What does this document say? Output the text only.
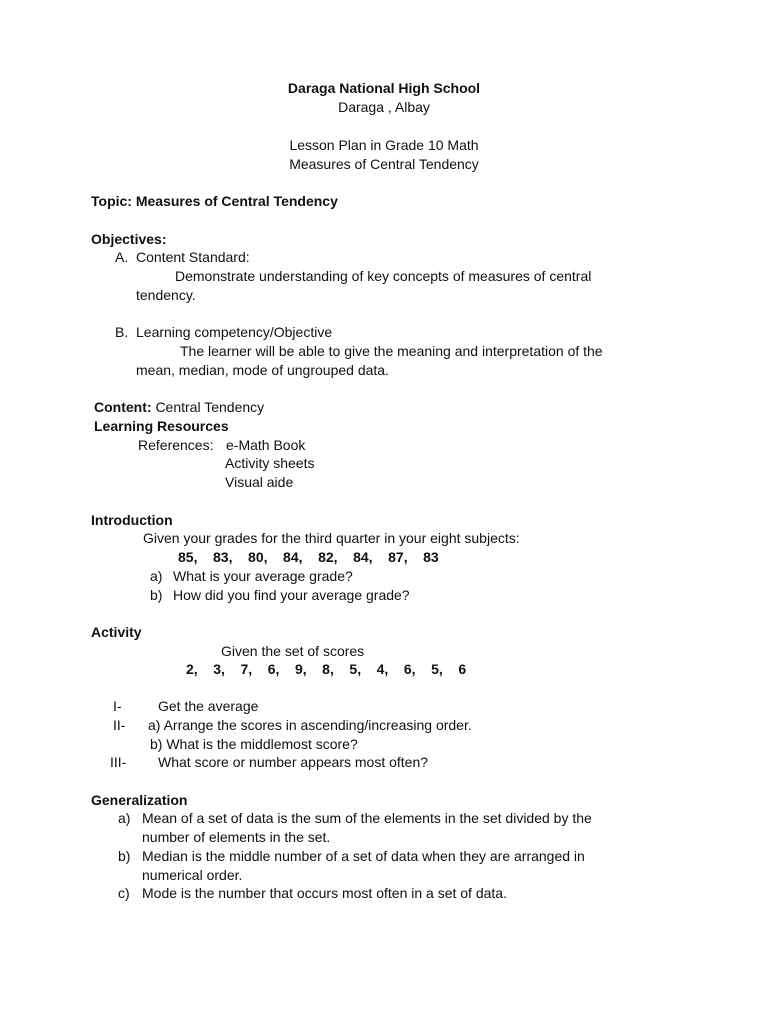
Daraga National High School
Daraga , Albay
Lesson Plan in Grade 10 Math
Measures of Central Tendency
Topic: Measures of Central Tendency
Objectives:
A. Content Standard:
Demonstrate understanding of key concepts of measures of central
tendency.
B. Learning competency/Objective
The learner will be able to give the meaning and interpretation of the
mean, median, mode of ungrouped data.
Content: Central Tendency
Learning Resources
References: e-Math Book
Activity sheets
Visual aide
Introduction
Given your grades for the third quarter in your eight subjects:
85,    83,    80,    84,    82,    84,    87,    83
a) What is your average grade?
b) How did you find your average grade?
Activity
Given the set of scores
2,    3,    7,    6,    9,    8,    5,    4,    6,    5,    6
I-	Get the average
II- a) Arrange the scores in ascending/increasing order.
b) What is the middlemost score?
III- What score or number appears most often?
Generalization
a) Mean of a set of data is the sum of the elements in the set divided by the
number of elements in the set.
b) Median is the middle number of a set of data when they are arranged in
numerical order.
c) Mode is the number that occurs most often in a set of data.
